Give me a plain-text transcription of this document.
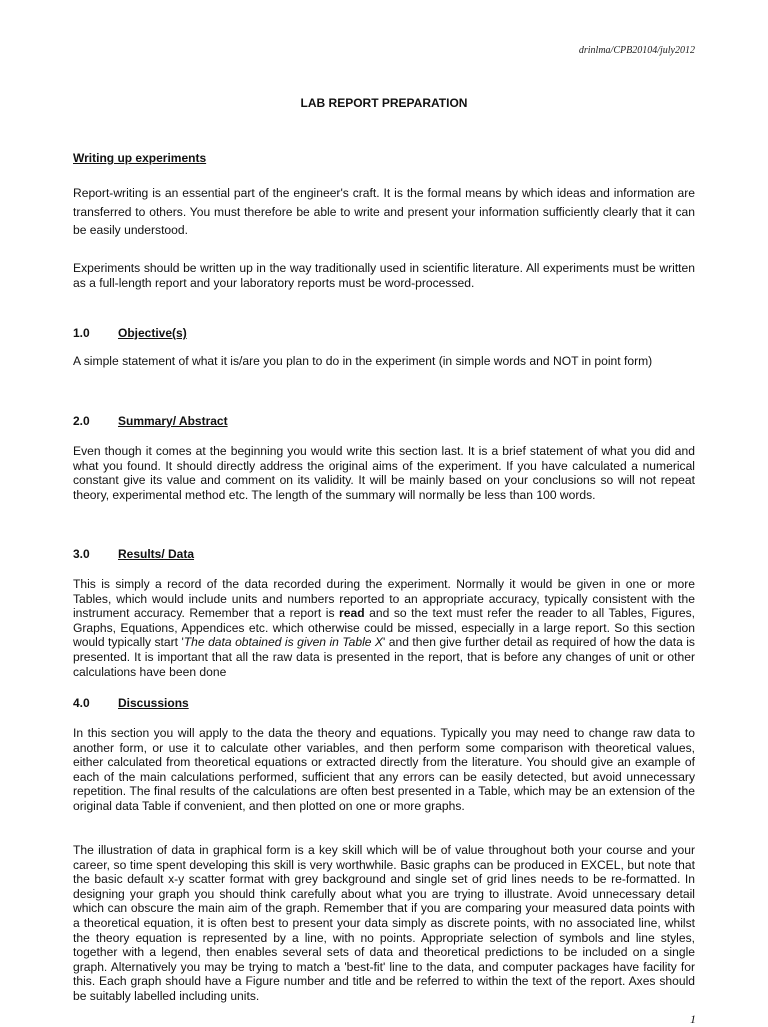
drinlma/CPB20104/july2012
LAB REPORT PREPARATION
Writing up experiments
Report-writing is an essential part of the engineer's craft. It is the formal means by which ideas and information are transferred to others. You must therefore be able to write and present your information sufficiently clearly that it can be easily understood.
Experiments should be written up in the way traditionally used in scientific literature. All experiments must be written as a full-length report and your laboratory reports must be word-processed.
1.0 Objective(s)
A simple statement of what it is/are you plan to do in the experiment (in simple words and NOT in point form)
2.0 Summary/ Abstract
Even though it comes at the beginning you would write this section last. It is a brief statement of what you did and what you found. It should directly address the original aims of the experiment. If you have calculated a numerical constant give its value and comment on its validity. It will be mainly based on your conclusions so will not repeat theory, experimental method etc. The length of the summary will normally be less than 100 words.
3.0 Results/ Data
This is simply a record of the data recorded during the experiment. Normally it would be given in one or more Tables, which would include units and numbers reported to an appropriate accuracy, typically consistent with the instrument accuracy. Remember that a report is read and so the text must refer the reader to all Tables, Figures, Graphs, Equations, Appendices etc. which otherwise could be missed, especially in a large report. So this section would typically start 'The data obtained is given in Table X' and then give further detail as required of how the data is presented. It is important that all the raw data is presented in the report, that is before any changes of unit or other calculations have been done
4.0 Discussions
In this section you will apply to the data the theory and equations. Typically you may need to change raw data to another form, or use it to calculate other variables, and then perform some comparison with theoretical values, either calculated from theoretical equations or extracted directly from the literature. You should give an example of each of the main calculations performed, sufficient that any errors can be easily detected, but avoid unnecessary repetition. The final results of the calculations are often best presented in a Table, which may be an extension of the original data Table if convenient, and then plotted on one or more graphs.
The illustration of data in graphical form is a key skill which will be of value throughout both your course and your career, so time spent developing this skill is very worthwhile. Basic graphs can be produced in EXCEL, but note that the basic default x-y scatter format with grey background and single set of grid lines needs to be re-formatted. In designing your graph you should think carefully about what you are trying to illustrate. Avoid unnecessary detail which can obscure the main aim of the graph. Remember that if you are comparing your measured data points with a theoretical equation, it is often best to present your data simply as discrete points, with no associated line, whilst the theory equation is represented by a line, with no points. Appropriate selection of symbols and line styles, together with a legend, then enables several sets of data and theoretical predictions to be included on a single graph. Alternatively you may be trying to match a 'best-fit' line to the data, and computer packages have facility for this. Each graph should have a Figure number and title and be referred to within the text of the report. Axes should be suitably labelled including units.
1
